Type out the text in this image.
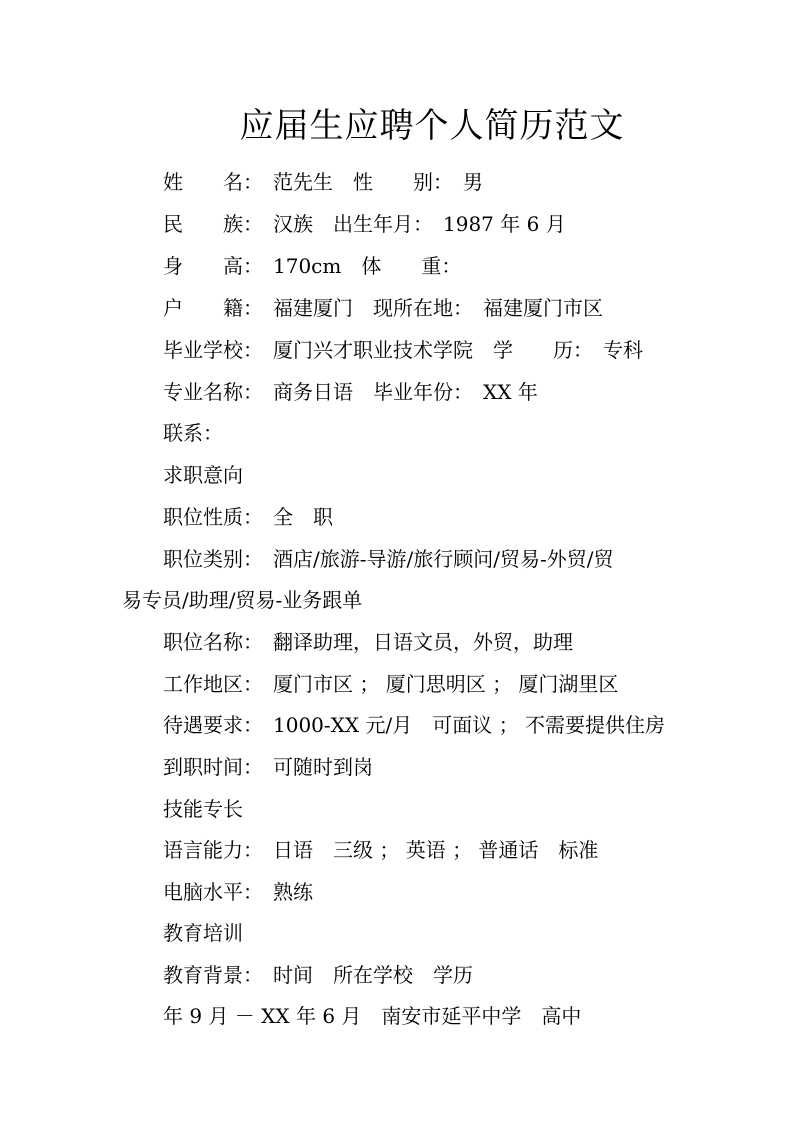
应届生应聘个人简历范文
姓　　名：　范先生　性　　别：　男
民　　族：　汉族　出生年月：　1987 年 6 月
身　　高：　170cm　体　　重：
户　　籍：　福建厦门　现所在地：　福建厦门市区
毕业学校：　厦门兴才职业技术学院　学　　历：　专科
专业名称：　商务日语　毕业年份：　XX 年
联系：
求职意向
职位性质：　全　职
职位类别：　酒店/旅游-导游/旅行顾问/贸易-外贸/贸
易专员/助理/贸易-业务跟单
职位名称：　翻译助理，日语文员，外贸，助理
工作地区：　厦门市区 ； 厦门思明区 ； 厦门湖里区
待遇要求：　1000-XX 元/月　可面议 ； 不需要提供住房
到职时间：　可随时到岗
技能专长
语言能力：　日语　三级 ； 英语 ； 普通话　标准
电脑水平：　熟练
教育培训
教育背景：　时间　所在学校　学历
年 9 月 － XX 年 6 月　南安市延平中学　高中
